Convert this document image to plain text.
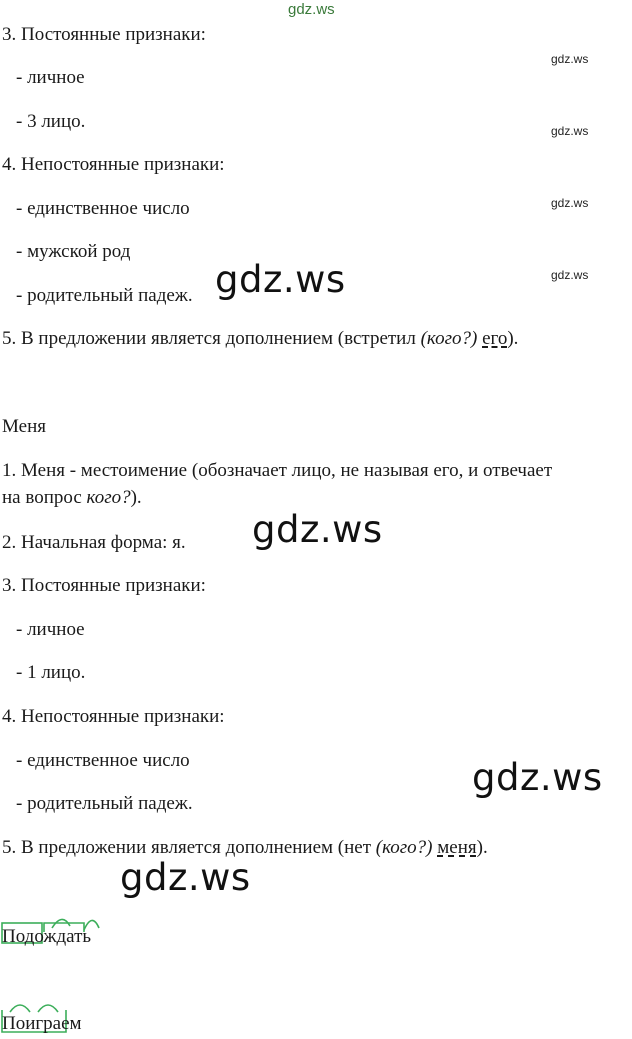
gdz.ws
3. Постоянные признаки:
- личное
- 3 лицо.
4. Непостоянные признаки:
- единственное число
- мужской род
- родительный падеж.
5. В предложении является дополнением (встретил (кого?) его).
Меня
1. Меня - местоимение (обозначает лицо, не называя его, и отвечает
на вопрос кого?).
2. Начальная форма: я.
3. Постоянные признаки:
- личное
- 1 лицо.
4. Непостоянные признаки:
- единственное число
- родительный падеж.
5. В предложении является дополнением (нет (кого?) меня).
Подождать
Поиграем
gdz.ws
gdz.ws
gdz.ws
gdz.ws
gdz.ws
gdz.ws
gdz.ws
gdz.ws
